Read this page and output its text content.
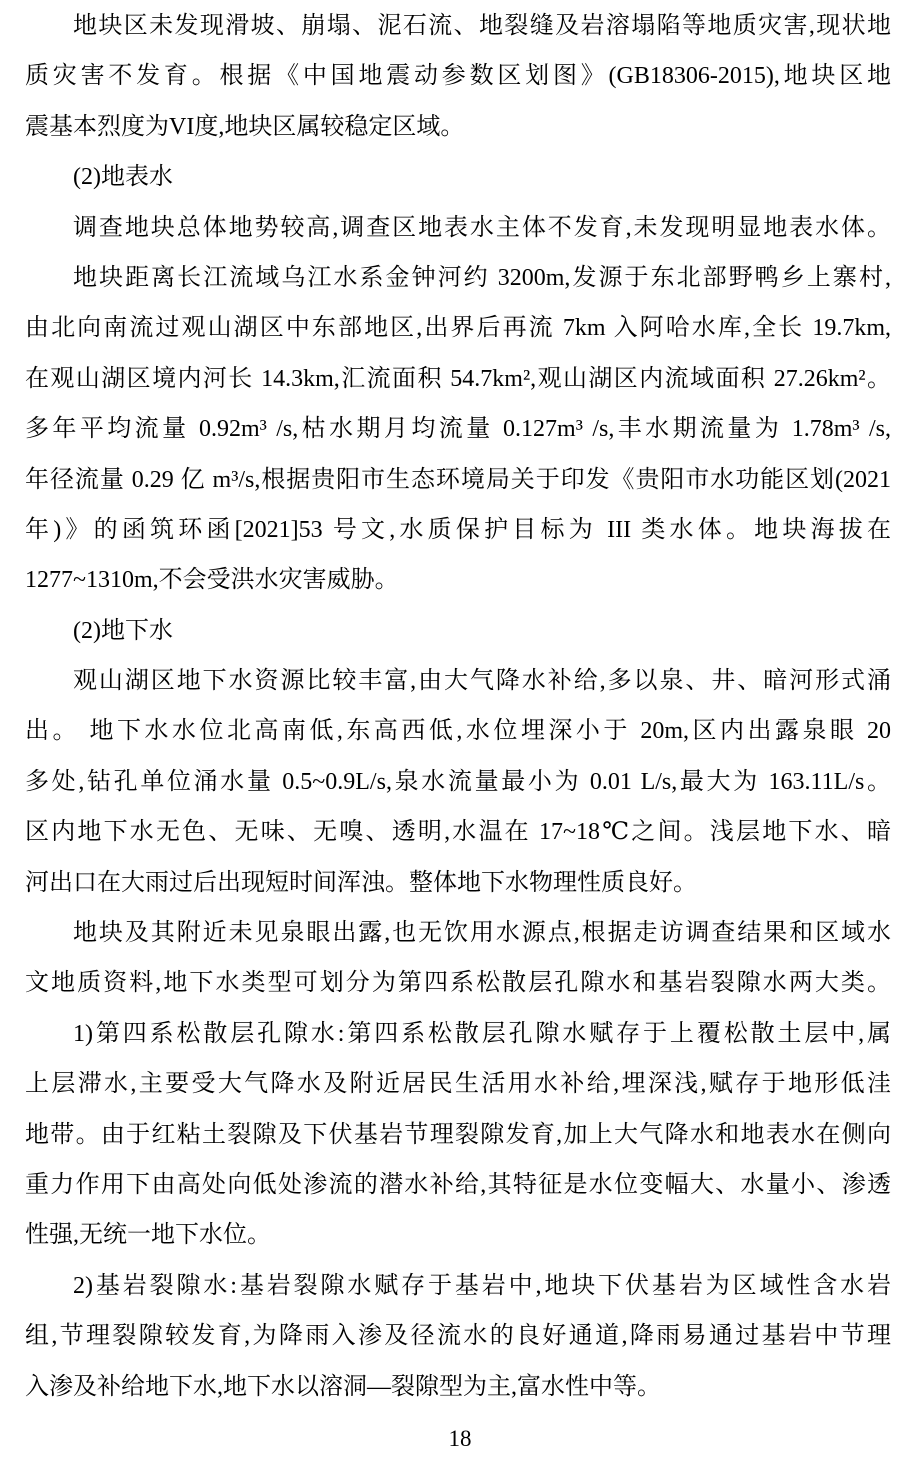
地块区未发现滑坡、崩塌、泥石流、地裂缝及岩溶塌陷等地质灾害,现状地
质灾害不发育。根据《中国地震动参数区划图》(GB18306-2015),地块区地
震基本烈度为VI度,地块区属较稳定区域。
(2)地表水
调查地块总体地势较高,调查区地表水主体不发育,未发现明显地表水体。
地块距离长江流域乌江水系金钟河约 3200m,发源于东北部野鸭乡上寨村,
由北向南流过观山湖区中东部地区,出界后再流 7km 入阿哈水库,全长 19.7km,
在观山湖区境内河长 14.3km,汇流面积 54.7km²,观山湖区内流域面积 27.26km²。
多年平均流量 0.92m³ /s,枯水期月均流量 0.127m³ /s,丰水期流量为 1.78m³ /s,
年径流量 0.29 亿 m³/s,根据贵阳市生态环境局关于印发《贵阳市水功能区划(2021
年)》的函筑环函[2021]53 号文,水质保护目标为 III 类水体。地块海拔在
1277~1310m,不会受洪水灾害威胁。
(2)地下水
观山湖区地下水资源比较丰富,由大气降水补给,多以泉、井、暗河形式涌
出。 地下水水位北高南低,东高西低,水位埋深小于 20m,区内出露泉眼 20
多处,钻孔单位涌水量 0.5~0.9L/s,泉水流量最小为 0.01 L/s,最大为 163.11L/s。
区内地下水无色、无味、无嗅、透明,水温在 17~18℃之间。浅层地下水、暗
河出口在大雨过后出现短时间浑浊。整体地下水物理性质良好。
地块及其附近未见泉眼出露,也无饮用水源点,根据走访调查结果和区域水
文地质资料,地下水类型可划分为第四系松散层孔隙水和基岩裂隙水两大类。
1)第四系松散层孔隙水:第四系松散层孔隙水赋存于上覆松散土层中,属
上层滞水,主要受大气降水及附近居民生活用水补给,埋深浅,赋存于地形低洼
地带。由于红粘土裂隙及下伏基岩节理裂隙发育,加上大气降水和地表水在侧向
重力作用下由高处向低处渗流的潜水补给,其特征是水位变幅大、水量小、渗透
性强,无统一地下水位。
2)基岩裂隙水:基岩裂隙水赋存于基岩中,地块下伏基岩为区域性含水岩
组,节理裂隙较发育,为降雨入渗及径流水的良好通道,降雨易通过基岩中节理
入渗及补给地下水,地下水以溶洞—裂隙型为主,富水性中等。
18
